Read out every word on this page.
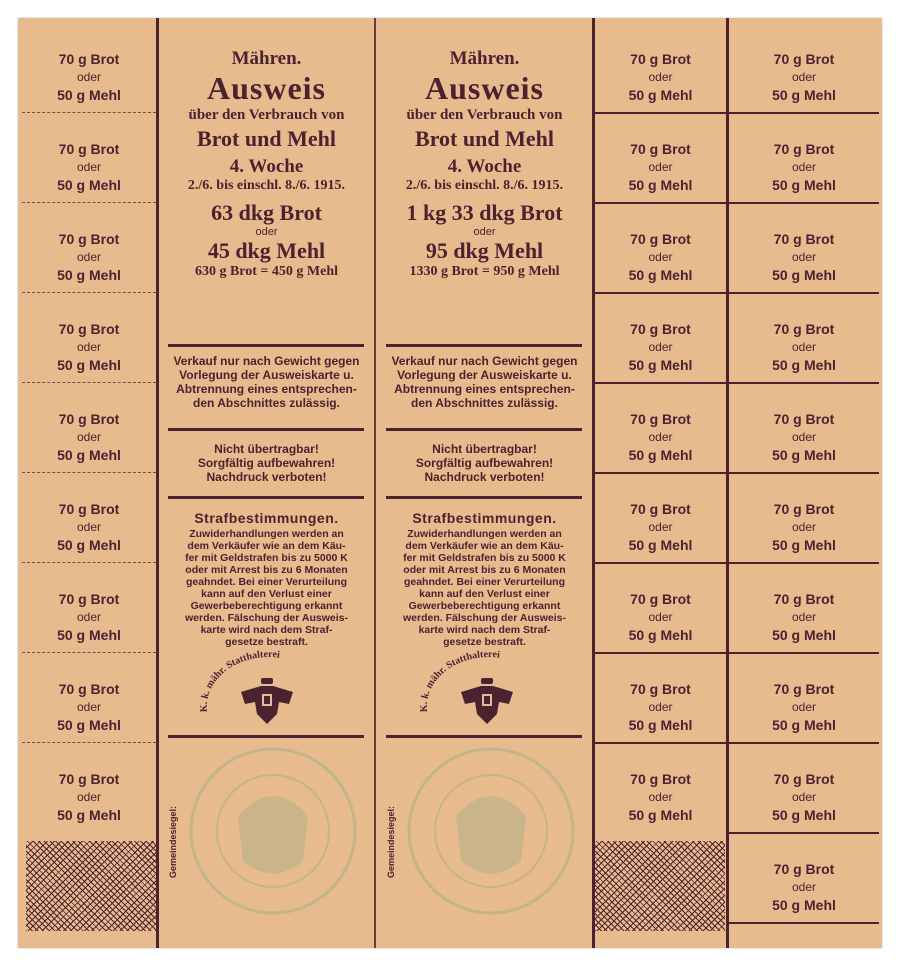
70 g Brot
oder
50 g Mehl
70 g Brot
oder
50 g Mehl
70 g Brot
oder
50 g Mehl
70 g Brot
oder
50 g Mehl
70 g Brot
oder
50 g Mehl
70 g Brot
oder
50 g Mehl
70 g Brot
oder
50 g Mehl
70 g Brot
oder
50 g Mehl
70 g Brot
oder
50 g Mehl
70 g Brot
oder
50 g Mehl
70 g Brot
oder
50 g Mehl
70 g Brot
oder
50 g Mehl
70 g Brot
oder
50 g Mehl
70 g Brot
oder
50 g Mehl
70 g Brot
oder
50 g Mehl
70 g Brot
oder
50 g Mehl
70 g Brot
oder
50 g Mehl
70 g Brot
oder
50 g Mehl
70 g Brot
oder
50 g Mehl
70 g Brot
oder
50 g Mehl
70 g Brot
oder
50 g Mehl
70 g Brot
oder
50 g Mehl
70 g Brot
oder
50 g Mehl
70 g Brot
oder
50 g Mehl
70 g Brot
oder
50 g Mehl
70 g Brot
oder
50 g Mehl
70 g Brot
oder
50 g Mehl
70 g Brot
oder
50 g Mehl
Mähren.
Ausweis
über den Verbrauch von
Brot und Mehl
4. Woche
2./6. bis einschl. 8./6. 1915.
63 dkg Brot
oder
45 dkg Mehl
630 g Brot = 450 g Mehl
Verkauf nur nach Gewicht gegen
Vorlegung der Ausweiskarte u.
Abtrennung eines entsprechen-
den Abschnittes zulässig.
Nicht übertragbar!
Sorgfältig aufbewahren!
Nachdruck verboten!
Strafbestimmungen.
Zuwiderhandlungen werden an
dem Verkäufer wie an dem Käu-
fer mit Geldstrafen bis zu 5000 K
oder mit Arrest bis zu 6 Monaten
geahndet. Bei einer Verurteilung
kann auf den Verlust einer
Gewerbeberechtigung erkannt
werden. Fälschung der Ausweis-
karte wird nach dem Straf-
gesetze bestraft.
K. k. mähr. Statthalterei
Gemeindesiegel:
Mähren.
Ausweis
über den Verbrauch von
Brot und Mehl
4. Woche
2./6. bis einschl. 8./6. 1915.
1 kg 33 dkg Brot
oder
95 dkg Mehl
1330 g Brot = 950 g Mehl
Verkauf nur nach Gewicht gegen
Vorlegung der Ausweiskarte u.
Abtrennung eines entsprechen-
den Abschnittes zulässig.
Nicht übertragbar!
Sorgfältig aufbewahren!
Nachdruck verboten!
Strafbestimmungen.
Zuwiderhandlungen werden an
dem Verkäufer wie an dem Käu-
fer mit Geldstrafen bis zu 5000 K
oder mit Arrest bis zu 6 Monaten
geahndet. Bei einer Verurteilung
kann auf den Verlust einer
Gewerbeberechtigung erkannt
werden. Fälschung der Ausweis-
karte wird nach dem Straf-
gesetze bestraft.
K. k. mähr. Statthalterei
Gemeindesiegel:
